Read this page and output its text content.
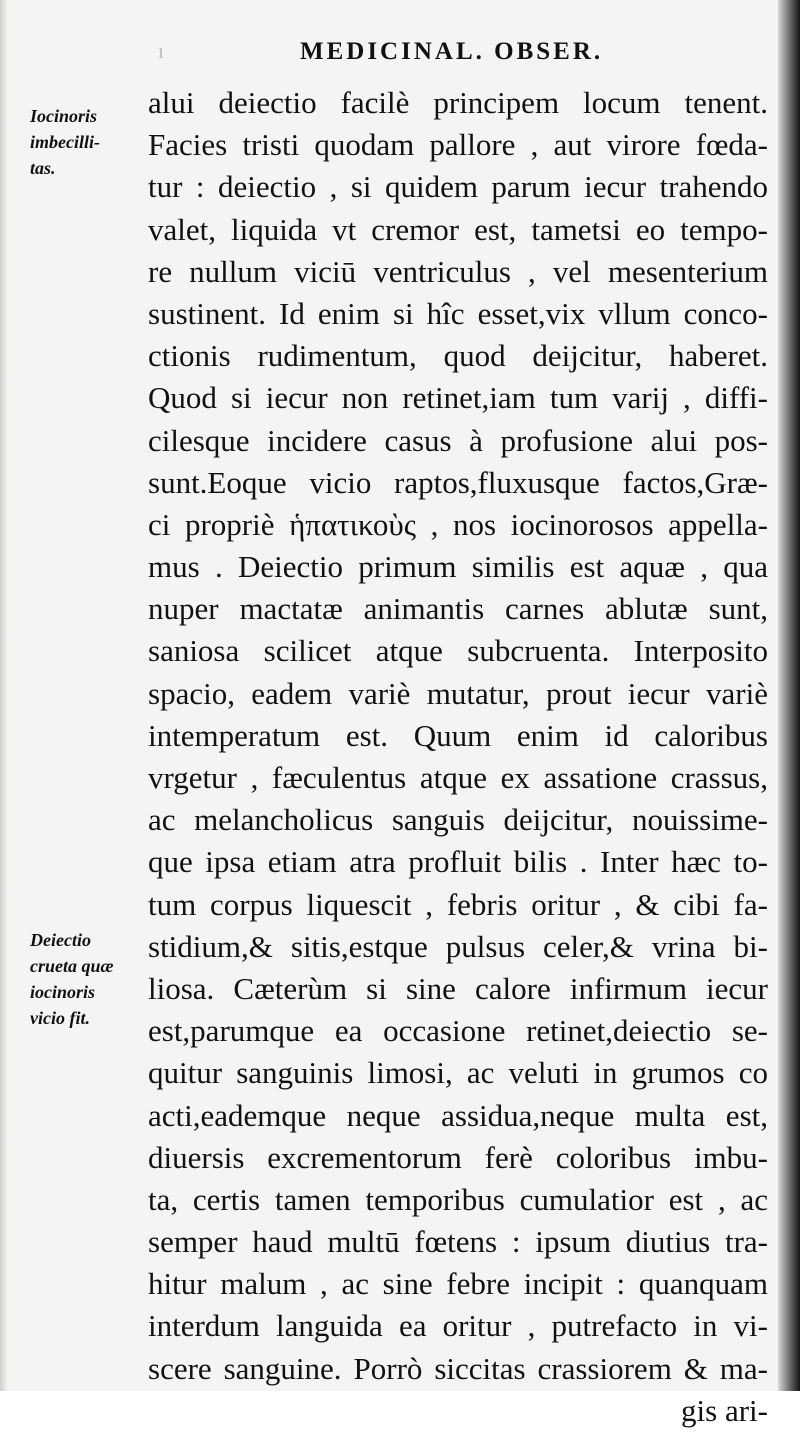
ı	MEDICINAL. OBSER.
Iocinoris
imbecilli-
tas.
Deiectio
crueta quæ
iocinoris
vicio fit.
alui deiectio facilè principem locum tenent.
Facies tristi quodam pallore , aut virore fœda-
tur : deiectio , si quidem parum iecur trahendo
valet, liquida vt cremor est, tametsi eo tempo-
re nullum viciū ventriculus , vel mesenterium
sustinent. Id enim si hîc esset,vix vllum conco-
ctionis rudimentum, quod deijcitur, haberet.
Quod si iecur non retinet,iam tum varij , diffi-
cilesque incidere casus à profusione alui pos-
sunt.Eoque vicio raptos,fluxusque factos,Græ-
ci propriè ἡπατικοὺς , nos iocinorosos appella-
mus . Deiectio primum similis est aquæ , qua
nuper mactatæ animantis carnes ablutæ sunt,
saniosa scilicet atque subcruenta. Interposito
spacio, eadem variè mutatur, prout iecur variè
intemperatum est. Quum enim id caloribus
vrgetur , fæculentus atque ex assatione crassus,
ac melancholicus sanguis deijcitur, nouissime-
que ipsa etiam atra profluit bilis . Inter hæc to-
tum corpus liquescit , febris oritur , & cibi fa-
stidium,& sitis,estque pulsus celer,& vrina bi-
liosa. Cæterùm si sine calore infirmum iecur
est,parumque ea occasione retinet,deiectio se-
quitur sanguinis limosi, ac veluti in grumos co
acti,eademque neque assidua,neque multa est,
diuersis excrementorum ferè coloribus imbu-
ta, certis tamen temporibus cumulatior est , ac
semper haud multū fœtens : ipsum diutius tra-
hitur malum , ac sine febre incipit : quanquam
interdum languida ea oritur , putrefacto in vi-
scere sanguine. Porrò siccitas crassiorem & ma-
gis ari-
